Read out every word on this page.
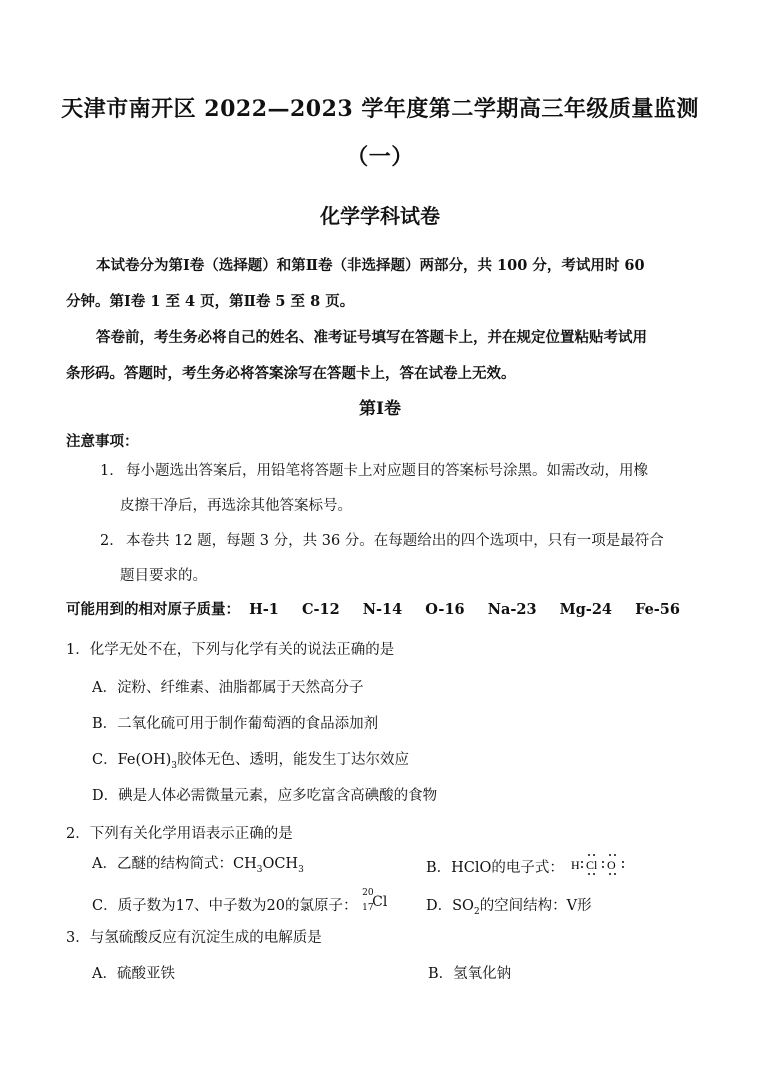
天津市南开区 2022—2023 学年度第二学期高三年级质量监测
（一）
化学学科试卷
本试卷分为第Ⅰ卷（选择题）和第Ⅱ卷（非选择题）两部分，共 100 分，考试用时 60
分钟。第Ⅰ卷 1 至 4 页，第Ⅱ卷 5 至 8 页。
答卷前，考生务必将自己的姓名、准考证号填写在答题卡上，并在规定位置粘贴考试用
条形码。答题时，考生务必将答案涂写在答题卡上，答在试卷上无效。
第Ⅰ卷
注意事项：
1． 每小题选出答案后，用铅笔将答题卡上对应题目的答案标号涂黑。如需改动，用橡
皮擦干净后，再选涂其他答案标号。
2． 本卷共 12 题，每题 3 分，共 36 分。在每题给出的四个选项中，只有一项是最符合
题目要求的。
可能用到的相对原子质量： H-1 C-12 N-14 O-16 Na-23 Mg-24 Fe-56
1．化学无处不在，下列与化学有关的说法正确的是
A．淀粉、纤维素、油脂都属于天然高分子
B．二氧化硫可用于制作葡萄酒的食品添加剂
C．$Fe(OH)_3$胶体无色、透明，能发生丁达尔效应
D．碘是人体必需微量元素，应多吃富含高碘酸的食物
2．下列有关化学用语表示正确的是
A．乙醚的结构简式：$CH_3OCH_3$	B．HClO的电子式： H Cl O
C．质子数为17、中子数为20的氯原子：
20
17
Cl	D．$SO_2$的空间结构：V形
3．与氢硫酸反应有沉淀生成的电解质是
A．硫酸亚铁	B．氢氧化钠
